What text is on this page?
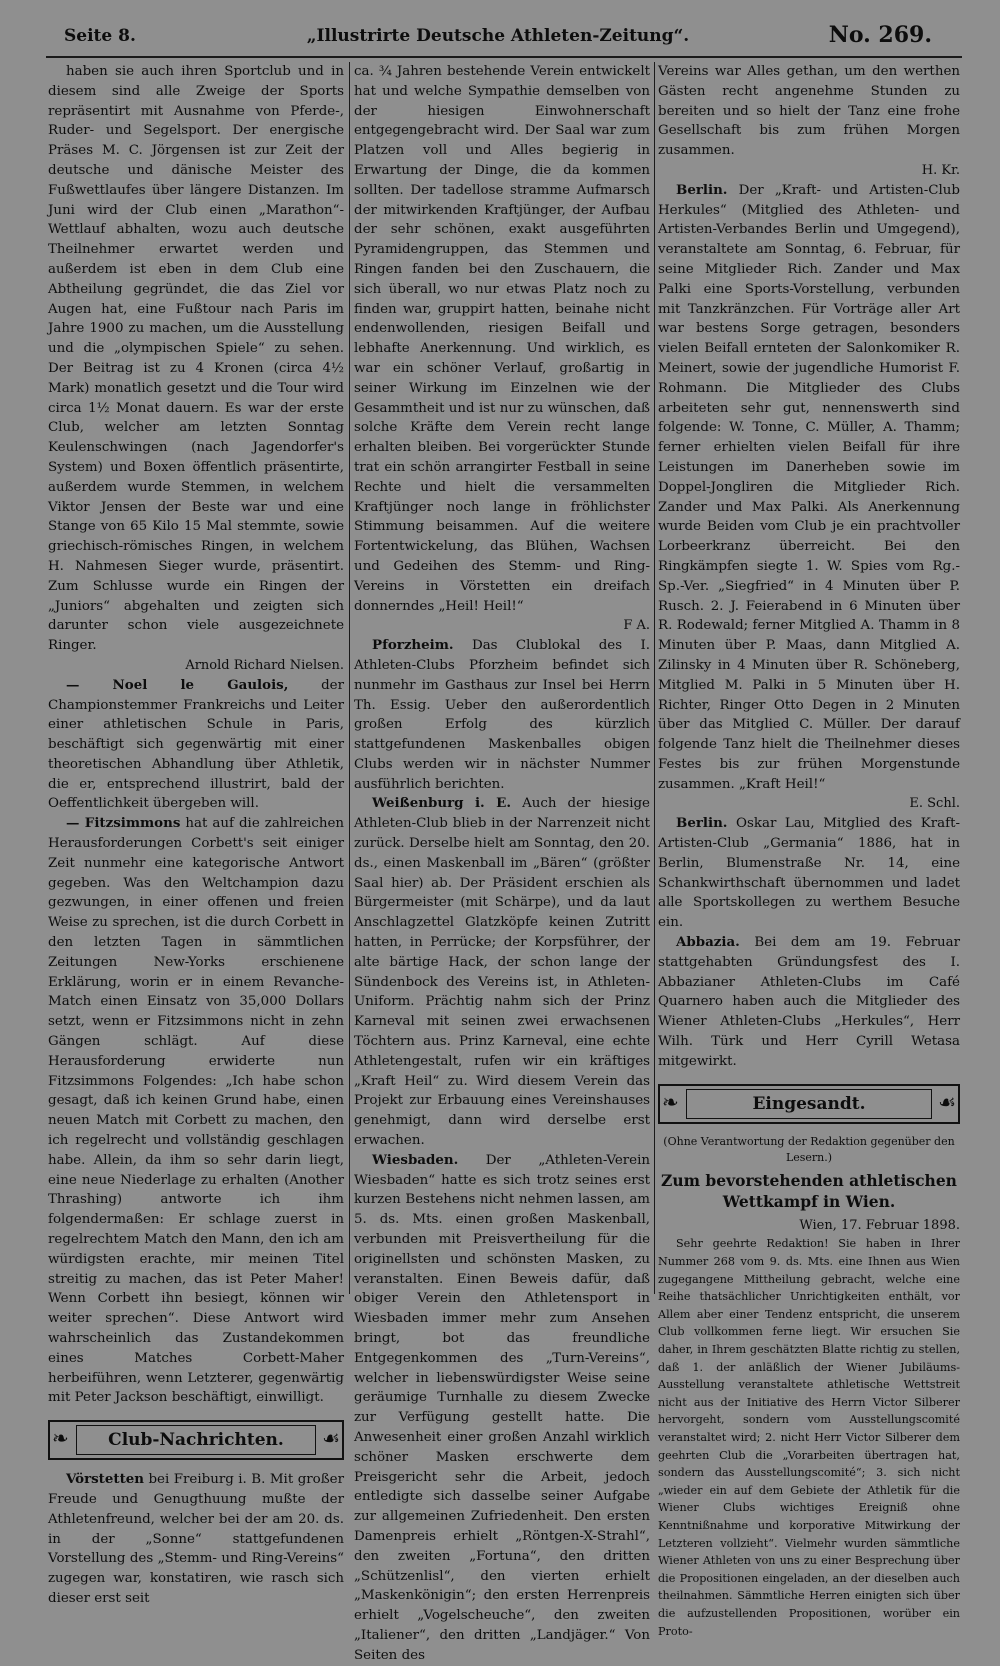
Seite 8.	„Illustrirte Deutsche Athleten-Zeitung“.	No. 269.

haben sie auch ihren Sportclub und in diesem sind alle Zweige der Sports repräsentirt mit Ausnahme von Pferde-, Ruder- und Segelsport. Der energische Präses M. C. Jörgensen ist zur Zeit der deutsche und dänische Meister des Fußwettlaufes über längere Distanzen. Im Juni wird der Club einen „Marathon“-Wettlauf abhalten, wozu auch deutsche Theilnehmer erwartet werden und außerdem ist eben in dem Club eine Abtheilung gegründet, die das Ziel vor Augen hat, eine Fußtour nach Paris im Jahre 1900 zu machen, um die Ausstellung und die „olympischen Spiele“ zu sehen. Der Beitrag ist zu 4 Kronen (circa 4½ Mark) monatlich gesetzt und die Tour wird circa 1½ Monat dauern. Es war der erste Club, welcher am letzten Sonntag Keulenschwingen (nach Jagendorfer's System) und Boxen öffentlich präsentirte, außerdem wurde Stemmen, in welchem Viktor Jensen der Beste war und eine Stange von 65 Kilo 15 Mal stemmte, sowie griechisch-römisches Ringen, in welchem H. Nahmesen Sieger wurde, präsentirt. Zum Schlusse wurde ein Ringen der „Juniors“ abgehalten und zeigten sich darunter schon viele ausgezeichnete Ringer.

Arnold Richard Nielsen.

— Noel le Gaulois, der Championstemmer Frankreichs und Leiter einer athletischen Schule in Paris, beschäftigt sich gegenwärtig mit einer theoretischen Abhandlung über Athletik, die er, entsprechend illustrirt, bald der Oeffentlichkeit übergeben will.

— Fitzsimmons hat auf die zahlreichen Herausforderungen Corbett's seit einiger Zeit nunmehr eine kategorische Antwort gegeben. Was den Weltchampion dazu gezwungen, in einer offenen und freien Weise zu sprechen, ist die durch Corbett in den letzten Tagen in sämmtlichen Zeitungen New-Yorks erschienene Erklärung, worin er in einem Revanche-Match einen Einsatz von 35,000 Dollars setzt, wenn er Fitzsimmons nicht in zehn Gängen schlägt. Auf diese Herausforderung erwiderte nun Fitzsimmons Folgendes: „Ich habe schon gesagt, daß ich keinen Grund habe, einen neuen Match mit Corbett zu machen, den ich regelrecht und vollständig geschlagen habe. Allein, da ihm so sehr darin liegt, eine neue Niederlage zu erhalten (Another Thrashing) antworte ich ihm folgendermaßen: Er schlage zuerst in regelrechtem Match den Mann, den ich am würdigsten erachte, mir meinen Titel streitig zu machen, das ist Peter Maher! Wenn Corbett ihn besiegt, können wir weiter sprechen“. Diese Antwort wird wahrscheinlich das Zustandekommen eines Matches Corbett-Maher herbeiführen, wenn Letzterer, gegenwärtig mit Peter Jackson beschäftigt, einwilligt.

❧	Club-Nachrichten.	☙

Vörstetten bei Freiburg i. B. Mit großer Freude und Genugthuung mußte der Athletenfreund, welcher bei der am 20. ds. in der „Sonne“ stattgefundenen Vorstellung des „Stemm- und Ring-Vereins“ zugegen war, konstatiren, wie rasch sich dieser erst seit

ca. ¾ Jahren bestehende Verein entwickelt hat und welche Sympathie demselben von der hiesigen Einwohnerschaft entgegengebracht wird. Der Saal war zum Platzen voll und Alles begierig in Erwartung der Dinge, die da kommen sollten. Der tadellose stramme Aufmarsch der mitwirkenden Kraftjünger, der Aufbau der sehr schönen, exakt ausgeführten Pyramidengruppen, das Stemmen und Ringen fanden bei den Zuschauern, die sich überall, wo nur etwas Platz noch zu finden war, gruppirt hatten, beinahe nicht endenwollenden, riesigen Beifall und lebhafte Anerkennung. Und wirklich, es war ein schöner Verlauf, großartig in seiner Wirkung im Einzelnen wie der Gesammtheit und ist nur zu wünschen, daß solche Kräfte dem Verein recht lange erhalten bleiben. Bei vorgerückter Stunde trat ein schön arrangirter Festball in seine Rechte und hielt die versammelten Kraftjünger noch lange in fröhlichster Stimmung beisammen. Auf die weitere Fortentwickelung, das Blühen, Wachsen und Gedeihen des Stemm- und Ring-Vereins in Vörstetten ein dreifach donnerndes „Heil! Heil!“

F A.

Pforzheim. Das Clublokal des I. Athleten-Clubs Pforzheim befindet sich nunmehr im Gasthaus zur Insel bei Herrn Th. Essig. Ueber den außerordentlich großen Erfolg des kürzlich stattgefundenen Maskenballes obigen Clubs werden wir in nächster Nummer ausführlich berichten.

Weißenburg i. E. Auch der hiesige Athleten-Club blieb in der Narrenzeit nicht zurück. Derselbe hielt am Sonntag, den 20. ds., einen Maskenball im „Bären“ (größter Saal hier) ab. Der Präsident erschien als Bürgermeister (mit Schärpe), und da laut Anschlagzettel Glatzköpfe keinen Zutritt hatten, in Perrücke; der Korpsführer, der alte bärtige Hack, der schon lange der Sündenbock des Vereins ist, in Athleten-Uniform. Prächtig nahm sich der Prinz Karneval mit seinen zwei erwachsenen Töchtern aus. Prinz Karneval, eine echte Athletengestalt, rufen wir ein kräftiges „Kraft Heil“ zu. Wird diesem Verein das Projekt zur Erbauung eines Vereinshauses genehmigt, dann wird derselbe erst erwachen.

Wiesbaden. Der „Athleten-Verein Wiesbaden“ hatte es sich trotz seines erst kurzen Bestehens nicht nehmen lassen, am 5. ds. Mts. einen großen Maskenball, verbunden mit Preisvertheilung für die originellsten und schönsten Masken, zu veranstalten. Einen Beweis dafür, daß obiger Verein den Athletensport in Wiesbaden immer mehr zum Ansehen bringt, bot das freundliche Entgegenkommen des „Turn-Vereins“, welcher in liebenswürdigster Weise seine geräumige Turnhalle zu diesem Zwecke zur Verfügung gestellt hatte. Die Anwesenheit einer großen Anzahl wirklich schöner Masken erschwerte dem Preisgericht sehr die Arbeit, jedoch entledigte sich dasselbe seiner Aufgabe zur allgemeinen Zufriedenheit. Den ersten Damenpreis erhielt „Röntgen-X-Strahl“, den zweiten „Fortuna“, den dritten „Schützenlisl“, den vierten erhielt „Maskenkönigin“; den ersten Herrenpreis erhielt „Vogelscheuche“, den zweiten „Italiener“, den dritten „Landjäger.“ Von Seiten des

Vereins war Alles gethan, um den werthen Gästen recht angenehme Stunden zu bereiten und so hielt der Tanz eine frohe Gesellschaft bis zum frühen Morgen zusammen.

H. Kr.

Berlin. Der „Kraft- und Artisten-Club Herkules“ (Mitglied des Athleten- und Artisten-Verbandes Berlin und Umgegend), veranstaltete am Sonntag, 6. Februar, für seine Mitglieder Rich. Zander und Max Palki eine Sports-Vorstellung, verbunden mit Tanzkränzchen. Für Vorträge aller Art war bestens Sorge getragen, besonders vielen Beifall ernteten der Salonkomiker R. Meinert, sowie der jugendliche Humorist F. Rohmann. Die Mitglieder des Clubs arbeiteten sehr gut, nennenswerth sind folgende: W. Tonne, C. Müller, A. Thamm; ferner erhielten vielen Beifall für ihre Leistungen im Danerheben sowie im Doppel-Jongliren die Mitglieder Rich. Zander und Max Palki. Als Anerkennung wurde Beiden vom Club je ein prachtvoller Lorbeerkranz überreicht. Bei den Ringkämpfen siegte 1. W. Spies vom Rg.-Sp.-Ver. „Siegfried“ in 4 Minuten über P. Rusch. 2. J. Feierabend in 6 Minuten über R. Rodewald; ferner Mitglied A. Thamm in 8 Minuten über P. Maas, dann Mitglied A. Zilinsky in 4 Minuten über R. Schöneberg, Mitglied M. Palki in 5 Minuten über H. Richter, Ringer Otto Degen in 2 Minuten über das Mitglied C. Müller. Der darauf folgende Tanz hielt die Theilnehmer dieses Festes bis zur frühen Morgenstunde zusammen. „Kraft Heil!“

E. Schl.

Berlin. Oskar Lau, Mitglied des Kraft-Artisten-Club „Germania“ 1886, hat in Berlin, Blumenstraße Nr. 14, eine Schankwirthschaft übernommen und ladet alle Sportskollegen zu werthem Besuche ein.

Abbazia. Bei dem am 19. Februar stattgehabten Gründungsfest des I. Abbazianer Athleten-Clubs im Café Quarnero haben auch die Mitglieder des Wiener Athleten-Clubs „Herkules“, Herr Wilh. Türk und Herr Cyrill Wetasa mitgewirkt.

❧	Eingesandt.	☙
(Ohne Verantwortung der Redaktion gegenüber den Lesern.)
Zum bevorstehenden athletischen Wettkampf in Wien.

Wien, 17. Februar 1898.

Sehr geehrte Redaktion! Sie haben in Ihrer Nummer 268 vom 9. ds. Mts. eine Ihnen aus Wien zugegangene Mittheilung gebracht, welche eine Reihe thatsächlicher Unrichtigkeiten enthält, vor Allem aber einer Tendenz entspricht, die unserem Club vollkommen ferne liegt. Wir ersuchen Sie daher, in Ihrem geschätzten Blatte richtig zu stellen, daß 1. der anläßlich der Wiener Jubiläums-Ausstellung veranstaltete athletische Wettstreit nicht aus der Initiative des Herrn Victor Silberer hervorgeht, sondern vom Ausstellungscomité veranstaltet wird; 2. nicht Herr Victor Silberer dem geehrten Club die „Vorarbeiten übertragen hat, sondern das Ausstellungscomité“; 3. sich nicht „wieder ein auf dem Gebiete der Athletik für die Wiener Clubs wichtiges Ereigniß ohne Kenntnißnahme und korporative Mitwirkung der Letzteren vollzieht“. Vielmehr wurden sämmtliche Wiener Athleten von uns zu einer Besprechung über die Propositionen eingeladen, an der dieselben auch theilnahmen. Sämmtliche Herren einigten sich über die aufzustellenden Propositionen, worüber ein Proto-
